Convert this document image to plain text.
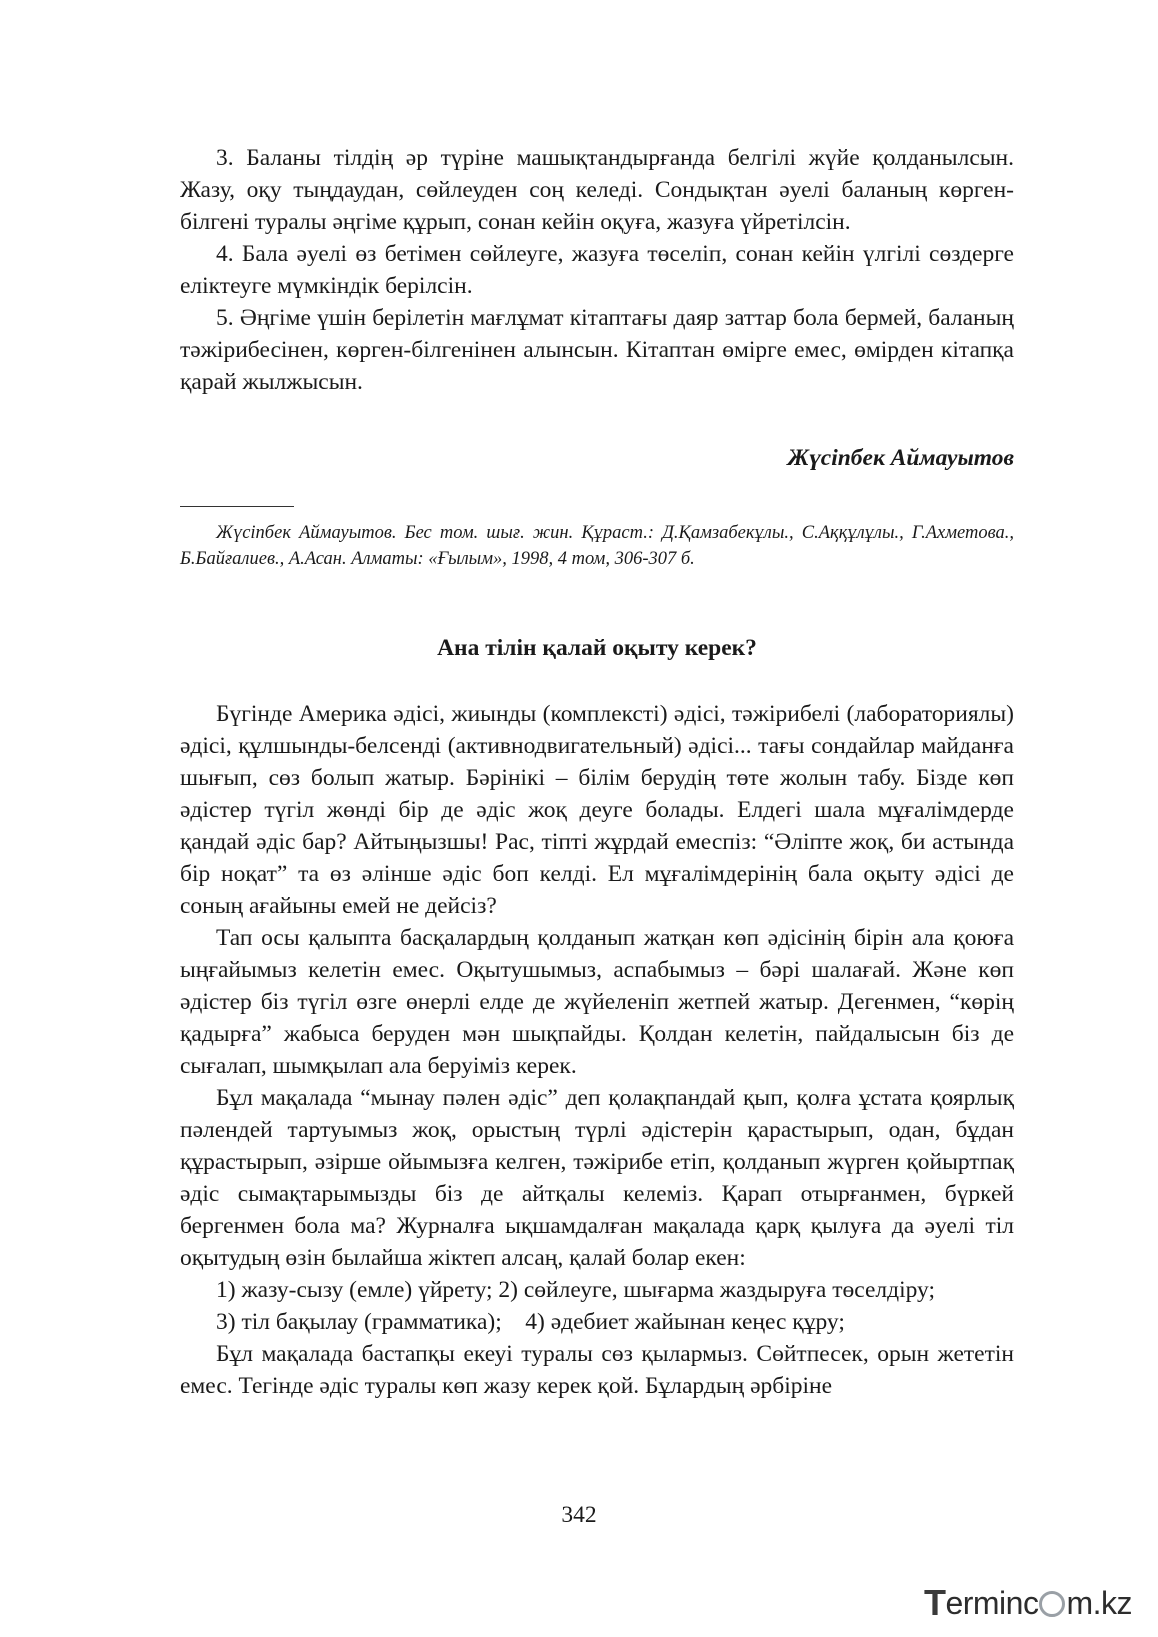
3. Баланы тілдің әр түріне машықтандырғанда белгілі жүйе қолданылсын. Жазу, оқу тыңдаудан, сөйлеуден соң келеді. Сондықтан әуелі баланың көрген-білгені туралы әңгіме құрып, сонан кейін оқуға, жазуға үйретілсін.

4. Бала әуелі өз бетімен сөйлеуге, жазуға төселіп, сонан кейін үлгілі сөздерге еліктеуге мүмкіндік берілсін.

5. Әңгіме үшін берілетін мағлұмат кітаптағы даяр заттар бола бермей, баланың тәжірибесінен, көрген-білгенінен алынсын. Кітаптан өмірге емес, өмірден кітапқа қарай жылжысын.

Жүсіпбек Аймауытов

Жүсіпбек Аймауытов. Бес том. шығ. жин. Құраст.: Д.Қамзабекұлы., С.Аққұлұлы., Г.Ахметова., Б.Байғалиев., А.Асан. Алматы: «Ғылым», 1998, 4 том, 306-307 б.

Ана тілін қалай оқыту керек?

Бүгінде Америка әдісі, жиынды (комплексті) әдісі, тәжірибелі (лабораториялы) әдісі, құлшынды-белсенді (активнодвигательный) әдісі... тағы сондайлар майданға шығып, сөз болып жатыр. Бәрінікі – білім берудің төте жолын табу. Бізде көп әдістер түгіл жөнді бір де әдіс жоқ деуге болады. Елдегі шала мұғалімдерде қандай әдіс бар? Айтыңызшы! Рас, тіпті жұрдай емеспіз: “Әліпте жоқ, би астында бір ноқат” та өз әлінше әдіс боп келді. Ел мұғалімдерінің бала оқыту әдісі де соның ағайыны емей не дейсіз?

Тап осы қалыпта басқалардың қолданып жатқан көп әдісінің бірін ала қоюға ыңғайымыз келетін емес. Оқытушымыз, аспабымыз – бәрі шалағай. Және көп әдістер біз түгіл өзге өнерлі елде де жүйеленіп жетпей жатыр. Дегенмен, “көрің қадырға” жабыса беруден мән шықпайды. Қолдан келетін, пайдалысын біз де сығалап, шымқылап ала беруіміз керек.

Бұл мақалада “мынау пәлен әдіс” деп қолақпандай қып, қолға ұстата қоярлық пәлендей тартуымыз жоқ, орыстың түрлі әдістерін қарастырып, одан, бұдан құрастырып, әзірше ойымызға келген, тәжірибе етіп, қолданып жүрген қойыртпақ әдіс сымақтарымызды біз де айтқалы келеміз. Қарап отырғанмен, бүркей бергенмен бола ма? Журналға ықшамдалған мақалада қарқ қылуға да әуелі тіл оқытудың өзін былайша жіктеп алсаң, қалай болар екен:

1) жазу-сызу (емле) үйрету; 2) сөйлеуге, шығарма жаздыруға төселдіру;

3) тіл бақылау (грамматика);    4) әдебиет жайынан кеңес құру;

Бұл мақалада бастапқы екеуі туралы сөз қылармыз. Сөйтпесек, орын жететін емес. Тегінде әдіс туралы көп жазу керек қой. Бұлардың әрбіріне

342
T erminc m.kz
